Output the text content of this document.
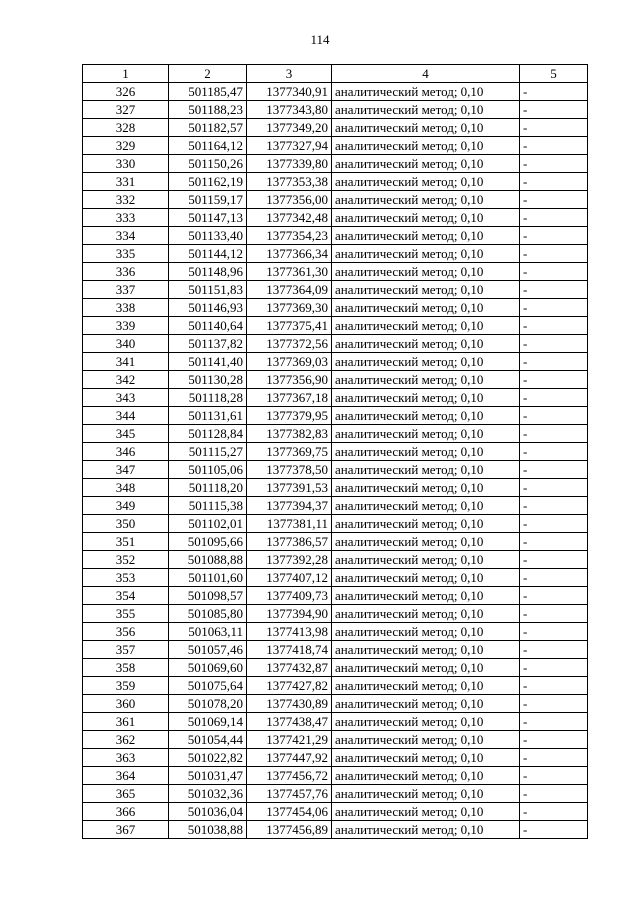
114
1	2	3	4	5
326	501185,47	1377340,91	аналитический метод; 0,10	-
327	501188,23	1377343,80	аналитический метод; 0,10	-
328	501182,57	1377349,20	аналитический метод; 0,10	-
329	501164,12	1377327,94	аналитический метод; 0,10	-
330	501150,26	1377339,80	аналитический метод; 0,10	-
331	501162,19	1377353,38	аналитический метод; 0,10	-
332	501159,17	1377356,00	аналитический метод; 0,10	-
333	501147,13	1377342,48	аналитический метод; 0,10	-
334	501133,40	1377354,23	аналитический метод; 0,10	-
335	501144,12	1377366,34	аналитический метод; 0,10	-
336	501148,96	1377361,30	аналитический метод; 0,10	-
337	501151,83	1377364,09	аналитический метод; 0,10	-
338	501146,93	1377369,30	аналитический метод; 0,10	-
339	501140,64	1377375,41	аналитический метод; 0,10	-
340	501137,82	1377372,56	аналитический метод; 0,10	-
341	501141,40	1377369,03	аналитический метод; 0,10	-
342	501130,28	1377356,90	аналитический метод; 0,10	-
343	501118,28	1377367,18	аналитический метод; 0,10	-
344	501131,61	1377379,95	аналитический метод; 0,10	-
345	501128,84	1377382,83	аналитический метод; 0,10	-
346	501115,27	1377369,75	аналитический метод; 0,10	-
347	501105,06	1377378,50	аналитический метод; 0,10	-
348	501118,20	1377391,53	аналитический метод; 0,10	-
349	501115,38	1377394,37	аналитический метод; 0,10	-
350	501102,01	1377381,11	аналитический метод; 0,10	-
351	501095,66	1377386,57	аналитический метод; 0,10	-
352	501088,88	1377392,28	аналитический метод; 0,10	-
353	501101,60	1377407,12	аналитический метод; 0,10	-
354	501098,57	1377409,73	аналитический метод; 0,10	-
355	501085,80	1377394,90	аналитический метод; 0,10	-
356	501063,11	1377413,98	аналитический метод; 0,10	-
357	501057,46	1377418,74	аналитический метод; 0,10	-
358	501069,60	1377432,87	аналитический метод; 0,10	-
359	501075,64	1377427,82	аналитический метод; 0,10	-
360	501078,20	1377430,89	аналитический метод; 0,10	-
361	501069,14	1377438,47	аналитический метод; 0,10	-
362	501054,44	1377421,29	аналитический метод; 0,10	-
363	501022,82	1377447,92	аналитический метод; 0,10	-
364	501031,47	1377456,72	аналитический метод; 0,10	-
365	501032,36	1377457,76	аналитический метод; 0,10	-
366	501036,04	1377454,06	аналитический метод; 0,10	-
367	501038,88	1377456,89	аналитический метод; 0,10	-
